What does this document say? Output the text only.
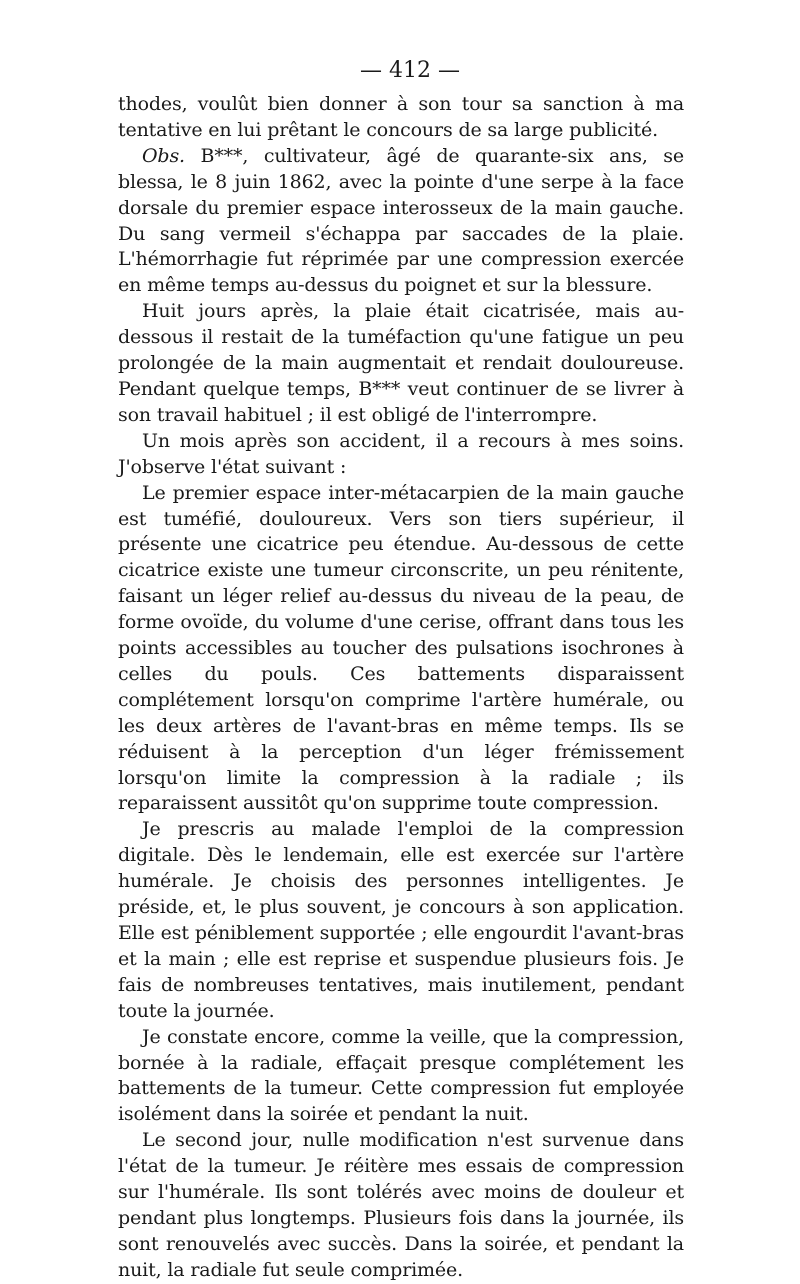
— 412 —

thodes, voulût bien donner à son tour sa sanction à ma tentative en lui prêtant le concours de sa large publicité.

Obs. B***, cultivateur, âgé de quarante-six ans, se blessa, le 8 juin 1862, avec la pointe d'une serpe à la face dorsale du premier espace interosseux de la main gauche. Du sang vermeil s'échappa par saccades de la plaie. L'hémorrhagie fut réprimée par une compression exercée en même temps au-dessus du poignet et sur la blessure.

Huit jours après, la plaie était cicatrisée, mais au-dessous il restait de la tuméfaction qu'une fatigue un peu prolongée de la main augmentait et rendait douloureuse. Pendant quelque temps, B*** veut continuer de se livrer à son travail habituel ; il est obligé de l'interrompre.

Un mois après son accident, il a recours à mes soins. J'observe l'état suivant :

Le premier espace inter-métacarpien de la main gauche est tuméfié, douloureux. Vers son tiers supérieur, il présente une cicatrice peu étendue. Au-dessous de cette cicatrice existe une tumeur circonscrite, un peu rénitente, faisant un léger relief au-dessus du niveau de la peau, de forme ovoïde, du volume d'une cerise, offrant dans tous les points accessibles au toucher des pulsations isochrones à celles du pouls. Ces battements disparaissent complétement lorsqu'on comprime l'artère humérale, ou les deux artères de l'avant-bras en même temps. Ils se réduisent à la perception d'un léger frémissement lorsqu'on limite la compression à la radiale ; ils reparaissent aussitôt qu'on supprime toute compression.

Je prescris au malade l'emploi de la compression digitale. Dès le lendemain, elle est exercée sur l'artère humérale. Je choisis des personnes intelligentes. Je préside, et, le plus souvent, je concours à son application. Elle est péniblement supportée ; elle engourdit l'avant-bras et la main ; elle est reprise et suspendue plusieurs fois. Je fais de nombreuses tentatives, mais inutilement, pendant toute la journée.

Je constate encore, comme la veille, que la compression, bornée à la radiale, effaçait presque complétement les battements de la tumeur. Cette compression fut employée isolément dans la soirée et pendant la nuit.

Le second jour, nulle modification n'est survenue dans l'état de la tumeur. Je réitère mes essais de compression sur l'humérale. Ils sont tolérés avec moins de douleur et pendant plus longtemps. Plusieurs fois dans la journée, ils sont renouvelés avec succès. Dans la soirée, et pendant la nuit, la radiale fut seule comprimée.
